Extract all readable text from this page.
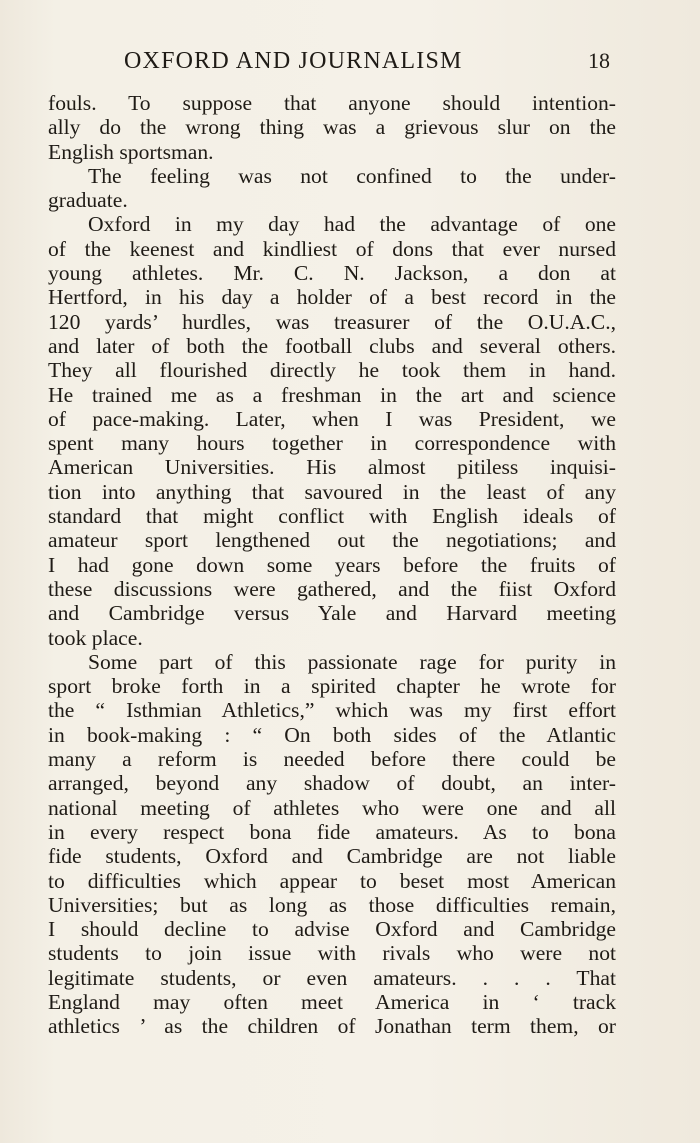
OXFORD AND JOURNALISM	18
fouls. To suppose that anyone should intention-
ally do the wrong thing was a grievous slur on the
English sportsman.
The feeling was not confined to the under-
graduate.
Oxford in my day had the advantage of one
of the keenest and kindliest of dons that ever nursed
young athletes. Mr. C. N. Jackson, a don at
Hertford, in his day a holder of a best record in the
120 yards’ hurdles, was treasurer of the O.U.A.C.,
and later of both the football clubs and several others.
They all flourished directly he took them in hand.
He trained me as a freshman in the art and science
of pace-making. Later, when I was President, we
spent many hours together in correspondence with
American Universities. His almost pitiless inquisi-
tion into anything that savoured in the least of any
standard that might conflict with English ideals of
amateur sport lengthened out the negotiations; and
I had gone down some years before the fruits of
these discussions were gathered, and the fiist Oxford
and Cambridge versus Yale and Harvard meeting
took place.
Some part of this passionate rage for purity in
sport broke forth in a spirited chapter he wrote for
the “ Isthmian Athletics,” which was my first effort
in book-making : “ On both sides of the Atlantic
many a reform is needed before there could be
arranged, beyond any shadow of doubt, an inter-
national meeting of athletes who were one and all
in every respect bona fide amateurs. As to bona
fide students, Oxford and Cambridge are not liable
to difficulties which appear to beset most American
Universities; but as long as those difficulties remain,
I should decline to advise Oxford and Cambridge
students to join issue with rivals who were not
legitimate students, or even amateurs. . . . That
England may often meet America in ‘ track
athletics ’ as the children of Jonathan term them, or
